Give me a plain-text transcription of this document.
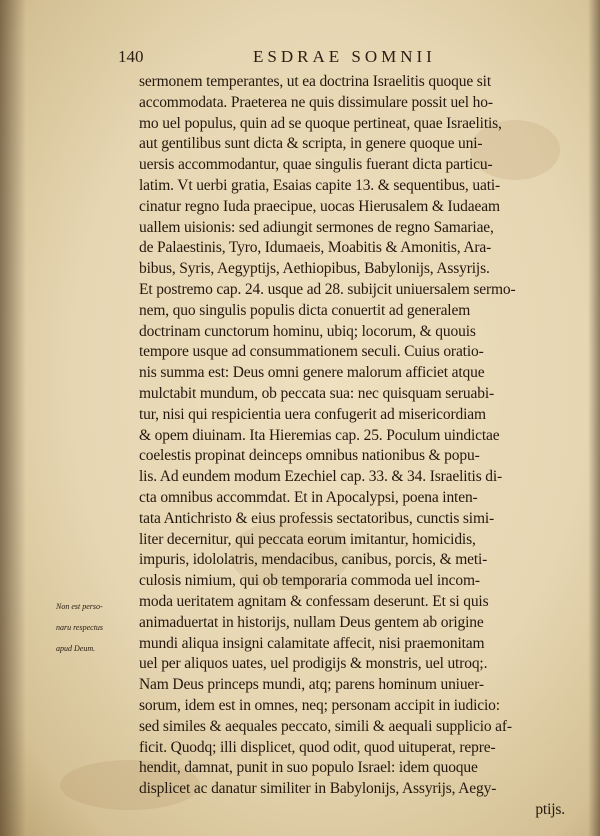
140	ESDRAE SOMNII
sermonem temperantes, ut ea doctrina Israelitis quoque sit
accommodata. Praeterea ne quis dissimulare possit uel ho-
mo uel populus, quin ad se quoque pertineat, quae Israelitis,
aut gentilibus sunt dicta & scripta, in genere quoque uni-
uersis accommodantur, quae singulis fuerant dicta particu-
latim. Vt uerbi gratia, Esaias capite 13. & sequentibus, uati-
cinatur regno Iuda praecipue, uocas Hierusalem & Iudaeam
uallem uisionis: sed adiungit sermones de regno Samariae,
de Palaestinis, Tyro, Idumaeis, Moabitis & Amonitis, Ara-
bibus, Syris, Aegyptijs, Aethiopibus, Babylonijs, Assyrijs.
Et postremo cap. 24. usque ad 28. subijcit uniuersalem sermo-
nem, quo singulis populis dicta conuertit ad generalem
doctrinam cunctorum hominu, ubiq; locorum, & quouis
tempore usque ad consummationem seculi. Cuius oratio-
nis summa est: Deus omni genere malorum afficiet atque
mulctabit mundum, ob peccata sua: nec quisquam seruabi-
tur, nisi qui respicientia uera confugerit ad misericordiam
& opem diuinam. Ita Hieremias cap. 25. Poculum uindictae
coelestis propinat deinceps omnibus nationibus & popu-
lis. Ad eundem modum Ezechiel cap. 33. & 34. Israelitis di-
cta omnibus accommdat. Et in Apocalypsi, poena inten-
tata Antichristo & eius professis sectatoribus, cunctis simi-
liter decernitur, qui peccata eorum imitantur, homicidis,
impuris, idololatris, mendacibus, canibus, porcis, & meti-
culosis nimium, qui ob temporaria commoda uel incom-
moda ueritatem agnitam & confessam deserunt. Et si quis
animaduertat in historijs, nullam Deus gentem ab origine
mundi aliqua insigni calamitate affecit, nisi praemonitam
uel per aliquos uates, uel prodigijs & monstris, uel utroq;.
Nam Deus princeps mundi, atq; parens hominum uniuer-
sorum, idem est in omnes, neq; personam accipit in iudicio:
sed similes & aequales peccato, simili & aequali supplicio af-
ficit. Quodq; illi displicet, quod odit, quod uituperat, repre-
hendit, damnat, punit in suo populo Israel: idem quoque
displicet ac danatur similiter in Babylonijs, Assyrijs, Aegy-
ptijs.
Non est perso-
naru respectus
apud Deum.
